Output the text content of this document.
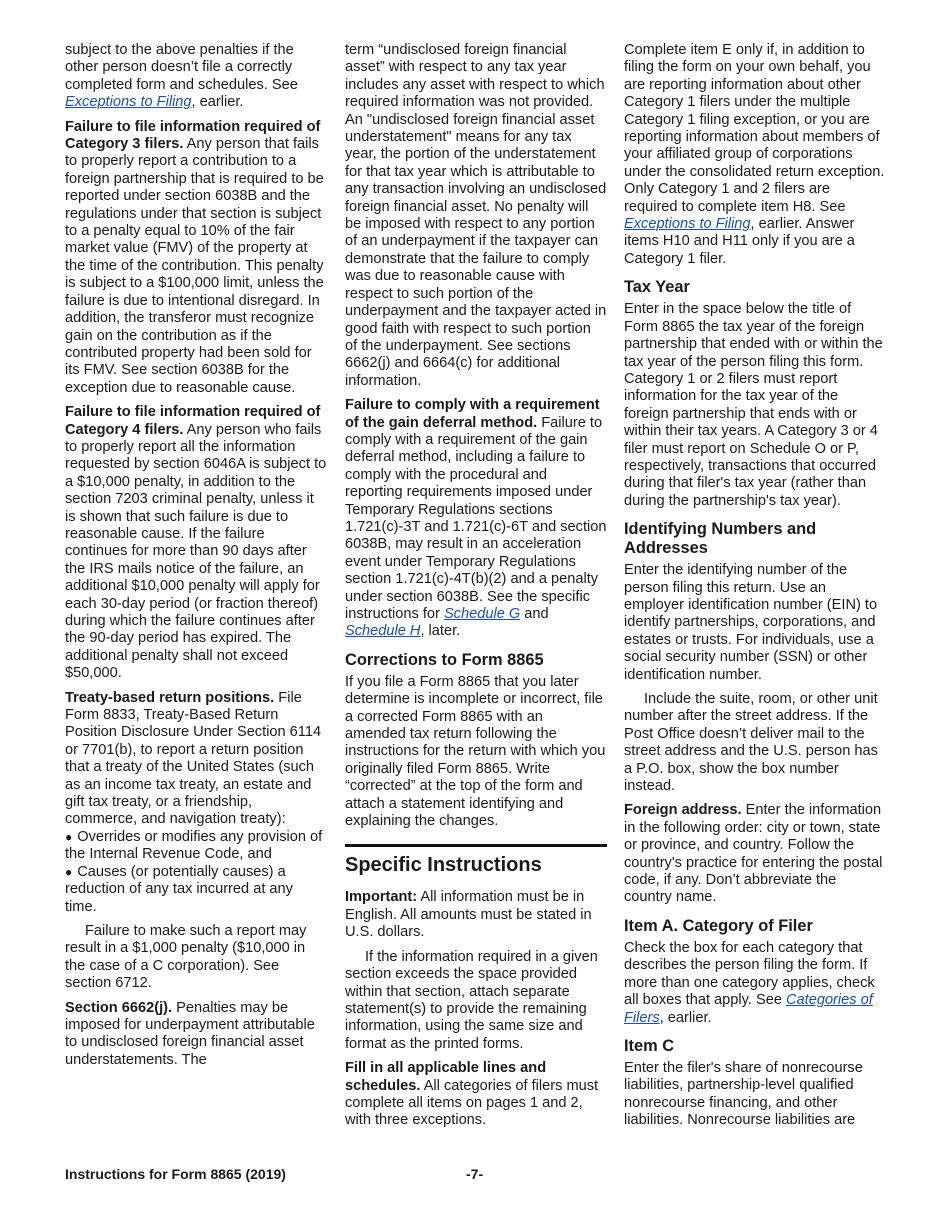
subject to the above penalties if the other person doesn’t file a correctly completed form and schedules. See Exceptions to Filing, earlier.

Failure to file information required of Category 3 filers. Any person that fails to properly report a contribution to a foreign partnership that is required to be reported under section 6038B and the regulations under that section is subject to a penalty equal to 10% of the fair market value (FMV) of the property at the time of the contribution. This penalty is subject to a $100,000 limit, unless the failure is due to intentional disregard. In addition, the transferor must recognize gain on the contribution as if the contributed property had been sold for its FMV. See section 6038B for the exception due to reasonable cause.

Failure to file information required of Category 4 filers. Any person who fails to properly report all the information requested by section 6046A is subject to a $10,000 penalty, in addition to the section 7203 criminal penalty, unless it is shown that such failure is due to reasonable cause. If the failure continues for more than 90 days after the IRS mails notice of the failure, an additional $10,000 penalty will apply for each 30-day period (or fraction thereof) during which the failure continues after the 90-day period has expired. The additional penalty shall not exceed $50,000.

Treaty-based return positions. File Form 8833, Treaty-Based Return Position Disclosure Under Section 6114 or 7701(b), to report a return position that a treaty of the United States (such as an income tax treaty, an estate and gift tax treaty, or a friendship, commerce, and navigation treaty):

● Overrides or modifies any provision of the Internal Revenue Code, and
● Causes (or potentially causes) a reduction of any tax incurred at any time.

Failure to make such a report may result in a $1,000 penalty ($10,000 in the case of a C corporation). See section 6712.

Section 6662(j). Penalties may be imposed for underpayment attributable to undisclosed foreign financial asset understatements. The

term “undisclosed foreign financial asset” with respect to any tax year includes any asset with respect to which required information was not provided. An "undisclosed foreign financial asset understatement" means for any tax year, the portion of the understatement for that tax year which is attributable to any transaction involving an undisclosed foreign financial asset. No penalty will be imposed with respect to any portion of an underpayment if the taxpayer can demonstrate that the failure to comply was due to reasonable cause with respect to such portion of the underpayment and the taxpayer acted in good faith with respect to such portion of the underpayment. See sections 6662(j) and 6664(c) for additional information.

Failure to comply with a requirement of the gain deferral method. Failure to comply with a requirement of the gain deferral method, including a failure to comply with the procedural and reporting requirements imposed under Temporary Regulations sections 1.721(c)-3T and 1.721(c)-6T and section 6038B, may result in an acceleration event under Temporary Regulations section 1.721(c)-4T(b)(2) and a penalty under section 6038B. See the specific instructions for Schedule G and Schedule H, later.

Corrections to Form 8865

If you file a Form 8865 that you later determine is incomplete or incorrect, file a corrected Form 8865 with an amended tax return following the instructions for the return with which you originally filed Form 8865. Write “corrected” at the top of the form and attach a statement identifying and explaining the changes.

Specific Instructions

Important: All information must be in English. All amounts must be stated in U.S. dollars.

If the information required in a given section exceeds the space provided within that section, attach separate statement(s) to provide the remaining information, using the same size and format as the printed forms.

Fill in all applicable lines and schedules. All categories of filers must complete all items on pages 1 and 2, with three exceptions.

Complete item E only if, in addition to filing the form on your own behalf, you are reporting information about other Category 1 filers under the multiple Category 1 filing exception, or you are reporting information about members of your affiliated group of corporations under the consolidated return exception. Only Category 1 and 2 filers are required to complete item H8. See Exceptions to Filing, earlier. Answer items H10 and H11 only if you are a Category 1 filer.

Tax Year

Enter in the space below the title of Form 8865 the tax year of the foreign partnership that ended with or within the tax year of the person filing this form. Category 1 or 2 filers must report information for the tax year of the foreign partnership that ends with or within their tax years. A Category 3 or 4 filer must report on Schedule O or P, respectively, transactions that occurred during that filer's tax year (rather than during the partnership's tax year).

Identifying Numbers and Addresses

Enter the identifying number of the person filing this return. Use an employer identification number (EIN) to identify partnerships, corporations, and estates or trusts. For individuals, use a social security number (SSN) or other identification number.

Include the suite, room, or other unit number after the street address. If the Post Office doesn’t deliver mail to the street address and the U.S. person has a P.O. box, show the box number instead.

Foreign address. Enter the information in the following order: city or town, state or province, and country. Follow the country's practice for entering the postal code, if any. Don’t abbreviate the country name.

Item A. Category of Filer

Check the box for each category that describes the person filing the form. If more than one category applies, check all boxes that apply. See Categories of Filers, earlier.

Item C

Enter the filer's share of nonrecourse liabilities, partnership-level qualified nonrecourse financing, and other liabilities. Nonrecourse liabilities are

Instructions for Form 8865 (2019)	-7-
